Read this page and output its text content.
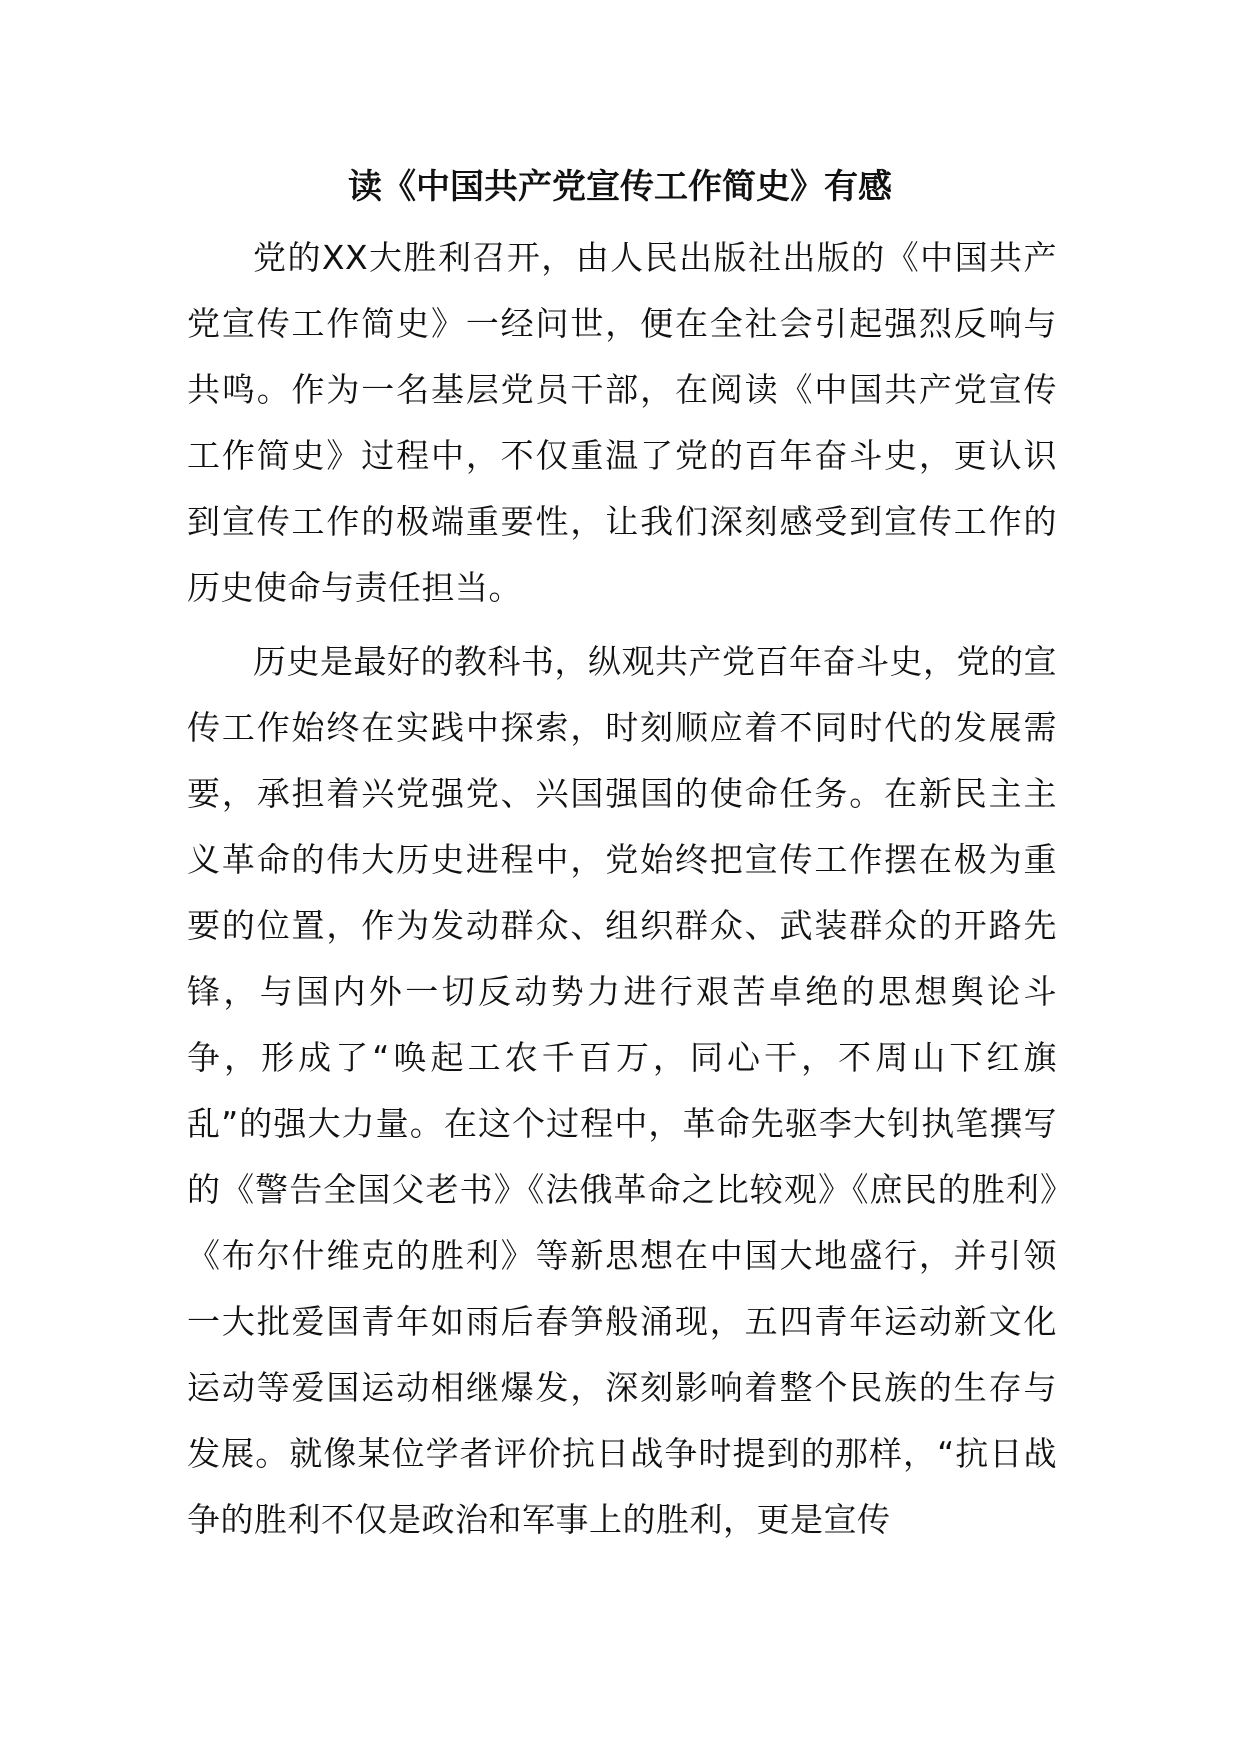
读《中国共产党宣传工作简史》有感

党的XX大胜利召开，由人民出版社出版的《中国共产党宣传工作简史》一经问世，便在全社会引起强烈反响与共鸣。作为一名基层党员干部，在阅读《中国共产党宣传工作简史》过程中，不仅重温了党的百年奋斗史，更认识到宣传工作的极端重要性，让我们深刻感受到宣传工作的历史使命与责任担当。

历史是最好的教科书，纵观共产党百年奋斗史，党的宣传工作始终在实践中探索，时刻顺应着不同时代的发展需要，承担着兴党强党、兴国强国的使命任务。在新民主主义革命的伟大历史进程中，党始终把宣传工作摆在极为重要的位置，作为发动群众、组织群众、武装群众的开路先锋，与国内外一切反动势力进行艰苦卓绝的思想舆论斗争，形成了“唤起工农千百万，同心干，不周山下红旗乱”的强大力量。在这个过程中，革命先驱李大钊执笔撰写的《警告全国父老书》《法俄革命之比较观》《庶民的胜利》《布尔什维克的胜利》等新思想在中国大地盛行，并引领一大批爱国青年如雨后春笋般涌现，五四青年运动新文化运动等爱国运动相继爆发，深刻影响着整个民族的生存与发展。就像某位学者评价抗日战争时提到的那样，“抗日战争的胜利不仅是政治和军事上的胜利，更是宣传
